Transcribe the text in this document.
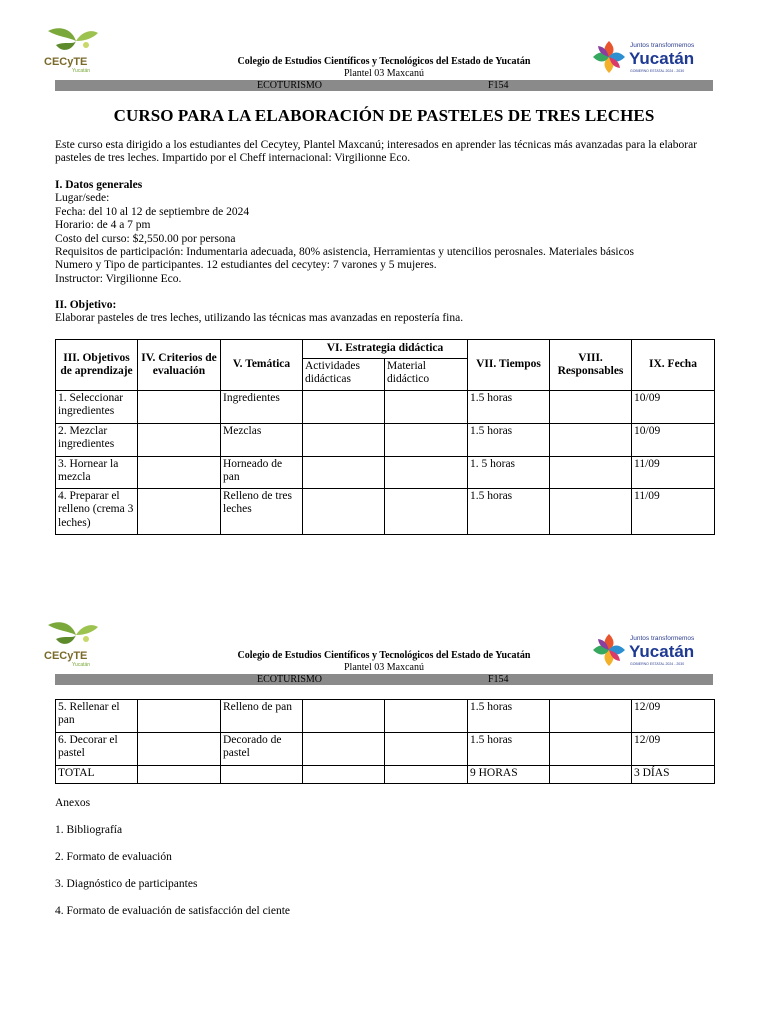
CECyTE
Yucatán
Colegio de Estudios Científicos y Tecnológicos del Estado de Yucatán
Plantel 03 Maxcanú
Juntos transformemos
Yucatán
GOBIERNO ESTATAL 2024 - 2030
ECOTURISMO	F154
CURSO PARA LA ELABORACIÓN DE PASTELES DE TRES LECHES
Este curso esta dirigido a los estudiantes del Cecytey, Plantel Maxcanú; interesados en aprender las técnicas más avanzadas para la elaborar
pasteles de tres leches. Impartido por el Cheff internacional: Virgilionne Eco.
I. Datos generales
Lugar/sede:
Fecha: del 10 al 12 de septiembre de 2024
Horario: de 4 a 7 pm
Costo del curso: $2,550.00 por persona
Requisitos de participación: Indumentaria adecuada, 80% asistencia, Herramientas y utencilios perosnales. Materiales básicos
Numero y Tipo de participantes. 12 estudiantes del cecytey: 7 varones y 5 mujeres.
Instructor: Virgilionne Eco.
II. Objetivo:
Elaborar pasteles de tres leches, utilizando las técnicas mas avanzadas en repostería fina.
III. Objetivos de aprendizaje	IV. Criterios de evaluación	V. Temática	VI. Estrategia didáctica		VII. Tiempos	VIII. Responsables	IX. Fecha
			Actividades didácticas	Material didáctico			
1. Seleccionar ingredientes		Ingredientes			1.5 horas		10/09
2. Mezclar ingredientes		Mezclas			1.5 horas		10/09
3. Hornear la mezcla		Horneado de pan			1. 5 horas		11/09
4. Preparar el relleno (crema 3 leches)		Relleno de tres leches			1.5 horas		11/09
CECyTE
Yucatán
Colegio de Estudios Científicos y Tecnológicos del Estado de Yucatán
Plantel 03 Maxcanú
Juntos transformemos
Yucatán
GOBIERNO ESTATAL 2024 - 2030
ECOTURISMO	F154
5. Rellenar el pan		Relleno de pan			1.5 horas		12/09
6. Decorar el pastel		Decorado de pastel			1.5 horas		12/09
TOTAL					9 HORAS		3 DÍAS
Anexos
1. Bibliografía
2. Formato de evaluación
3. Diagnóstico de participantes
4. Formato de evaluación de satisfacción del ciente
